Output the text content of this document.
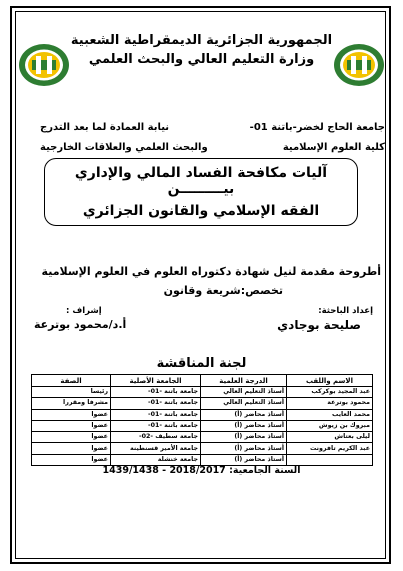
الجمهورية الجزائرية الديمقراطية الشعبية
وزارة التعليم العالي والبحث العلمي
جامعة الحاج لخضر-باتنة 01-
كلية العلوم الإسلامية
نيابة العمادة لما بعد التدرج
والبحث العلمي والعلاقات الخارجية
آليات مكافحة الفساد المالي والإداري
بيـــــــــن
الفقه الإسلامي والقانون الجزائري
أطروحة مقدمة لنيل شهادة دكتوراه العلوم في العلوم الإسلامية
تخصص:شريعة وقانون
إعداد الباحثة:
صليحة بوجادي
إشراف :
أ.د/محمود بوترعة
لجنة المناقشة
الاسم واللقب	الدرجة العلمية	الجامعة الأصلية	الصفة
عبد المجيد بوكركب	أستاذ التعليم العالي	جامعة باتنة -01-	رئيسا
محمود بوترعة	أستاذ التعليم العالي	جامعة باتنة -01-	مشرفا ومقررا
محمد العايب	أستاذ محاضر (أ)	جامعة باتنة -01-	عضوا
مبروك بن زيوش	أستاذ محاضر (أ)	جامعة باتنة -01-	عضوا
ليلى بعتاش	أستاذ محاضر (أ)	جامعة سطيف -02-	عضوا
عبد الكريم تافرونت	أستاذ محاضر (أ)	جامعة الأمير قسنطينة	عضوا
	أستاذ محاضر (أ)	جامعة خنشلة	عضوا
السنة الجامعية: 2018/2017 - 1439/1438
